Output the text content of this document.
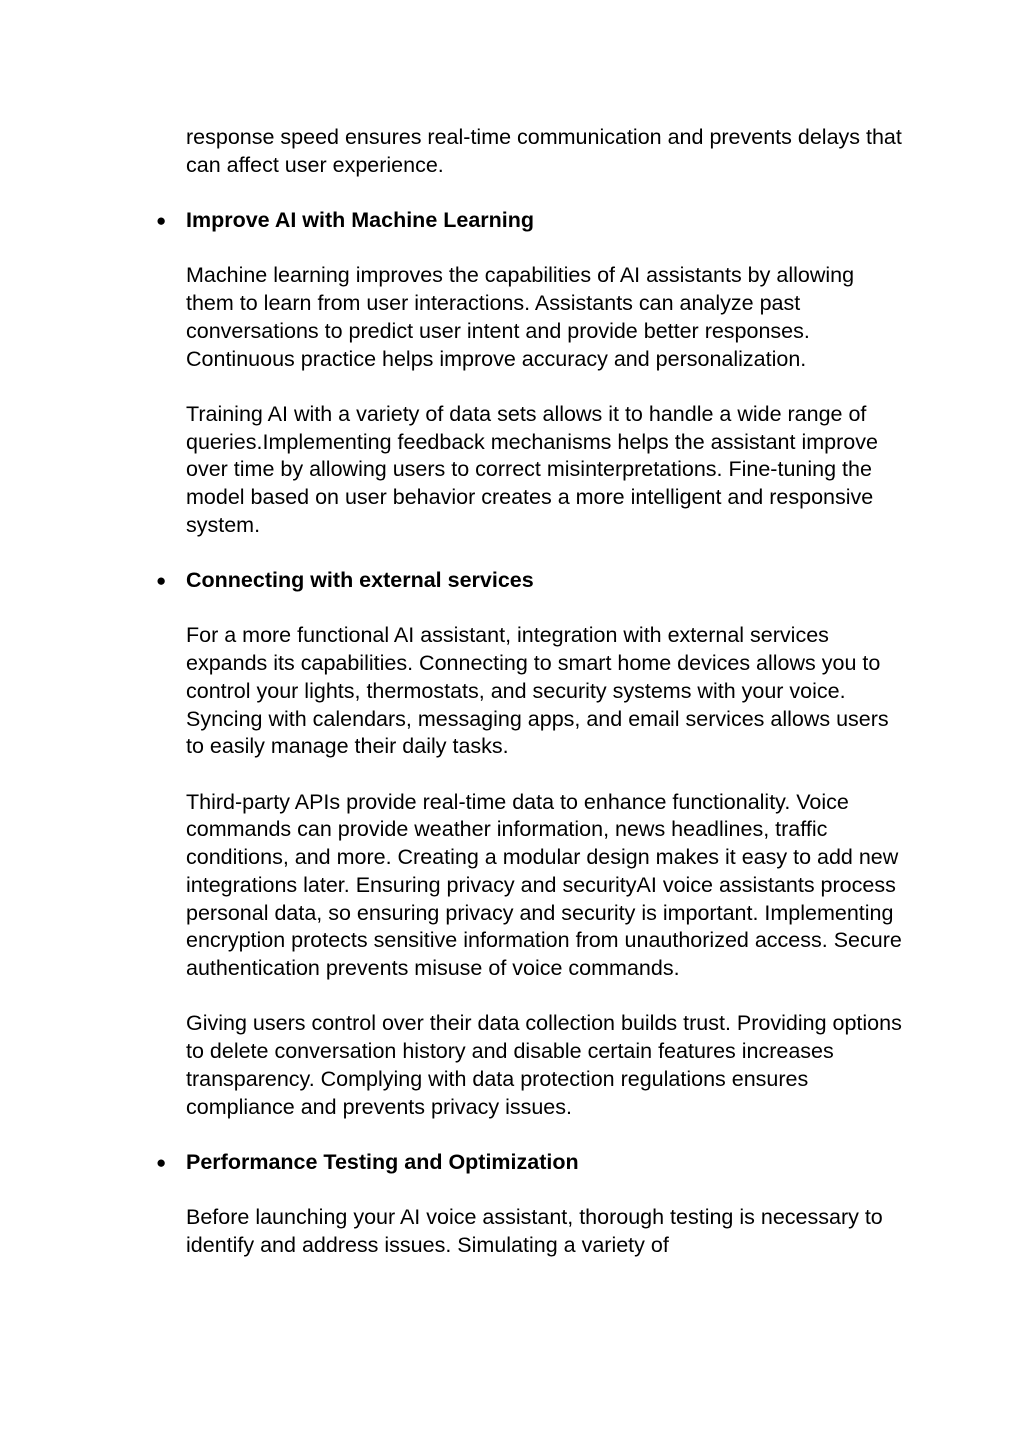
response speed ensures real-time communication and prevents delays that can affect user experience.

● Improve AI with Machine Learning

Machine learning improves the capabilities of AI assistants by allowing them to learn from user interactions. Assistants can analyze past conversations to predict user intent and provide better responses. Continuous practice helps improve accuracy and personalization.

Training AI with a variety of data sets allows it to handle a wide range of queries.Implementing feedback mechanisms helps the assistant improve over time by allowing users to correct misinterpretations. Fine-tuning the model based on user behavior creates a more intelligent and responsive system.

● Connecting with external services

For a more functional AI assistant, integration with external services expands its capabilities. Connecting to smart home devices allows you to control your lights, thermostats, and security systems with your voice. Syncing with calendars, messaging apps, and email services allows users to easily manage their daily tasks.

Third-party APIs provide real-time data to enhance functionality. Voice commands can provide weather information, news headlines, traffic conditions, and more. Creating a modular design makes it easy to add new integrations later. Ensuring privacy and securityAI voice assistants process personal data, so ensuring privacy and security is important. Implementing encryption protects sensitive information from unauthorized access. Secure authentication prevents misuse of voice commands.

Giving users control over their data collection builds trust. Providing options to delete conversation history and disable certain features increases transparency. Complying with data protection regulations ensures compliance and prevents privacy issues.

● Performance Testing and Optimization

Before launching your AI voice assistant, thorough testing is necessary to identify and address issues. Simulating a variety of
